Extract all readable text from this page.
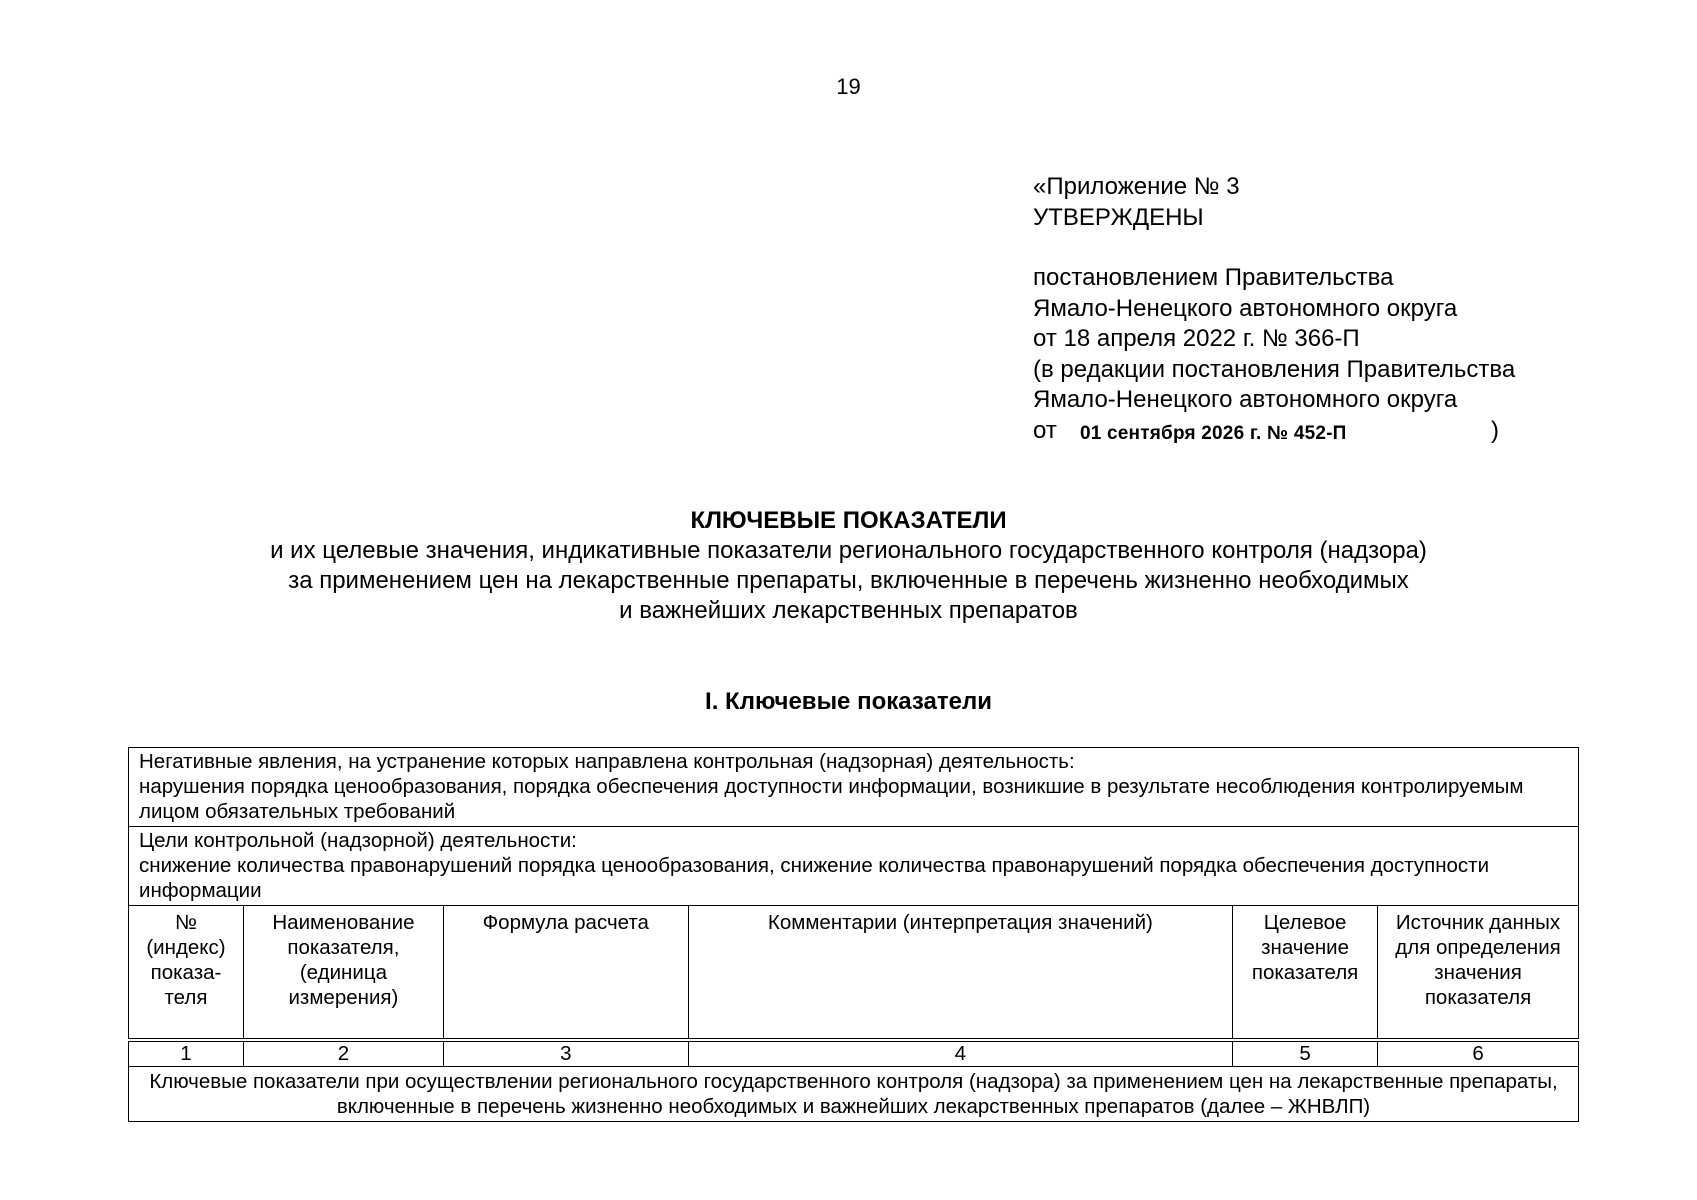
19
«Приложение № 3
УТВЕРЖДЕНЫ
постановлением Правительства
Ямало-Ненецкого автономного округа
от 18 апреля 2022 г. № 366-П
(в редакции постановления Правительства
Ямало-Ненецкого автономного округа
от 01 сентября 2026 г. № 452-П	)
КЛЮЧЕВЫЕ ПОКАЗАТЕЛИ
и их целевые значения, индикативные показатели регионального государственного контроля (надзора)
за применением цен на лекарственные препараты, включенные в перечень жизненно необходимых
и важнейших лекарственных препаратов
I. Ключевые показатели
Негативные явления, на устранение которых направлена контрольная (надзорная) деятельность:
нарушения порядка ценообразования, порядка обеспечения доступности информации, возникшие в результате несоблюдения контролируемым лицом обязательных требований					

Цели контрольной (надзорной) деятельности:
снижение количества правонарушений порядка ценообразования, снижение количества правонарушений порядка обеспечения доступности информации					

№ (индекс) показа-теля	Наименование показателя, (единица измерения)	Формула расчета	Комментарии (интерпретация значений)	Целевое значение показателя	Источник данных для определения значения показателя

1	2	3	4	5	6
Ключевые показатели при осуществлении регионального государственного контроля (надзора) за применением цен на лекарственные препараты, включенные в перечень жизненно необходимых и важнейших лекарственных препаратов (далее – ЖНВЛП)					
